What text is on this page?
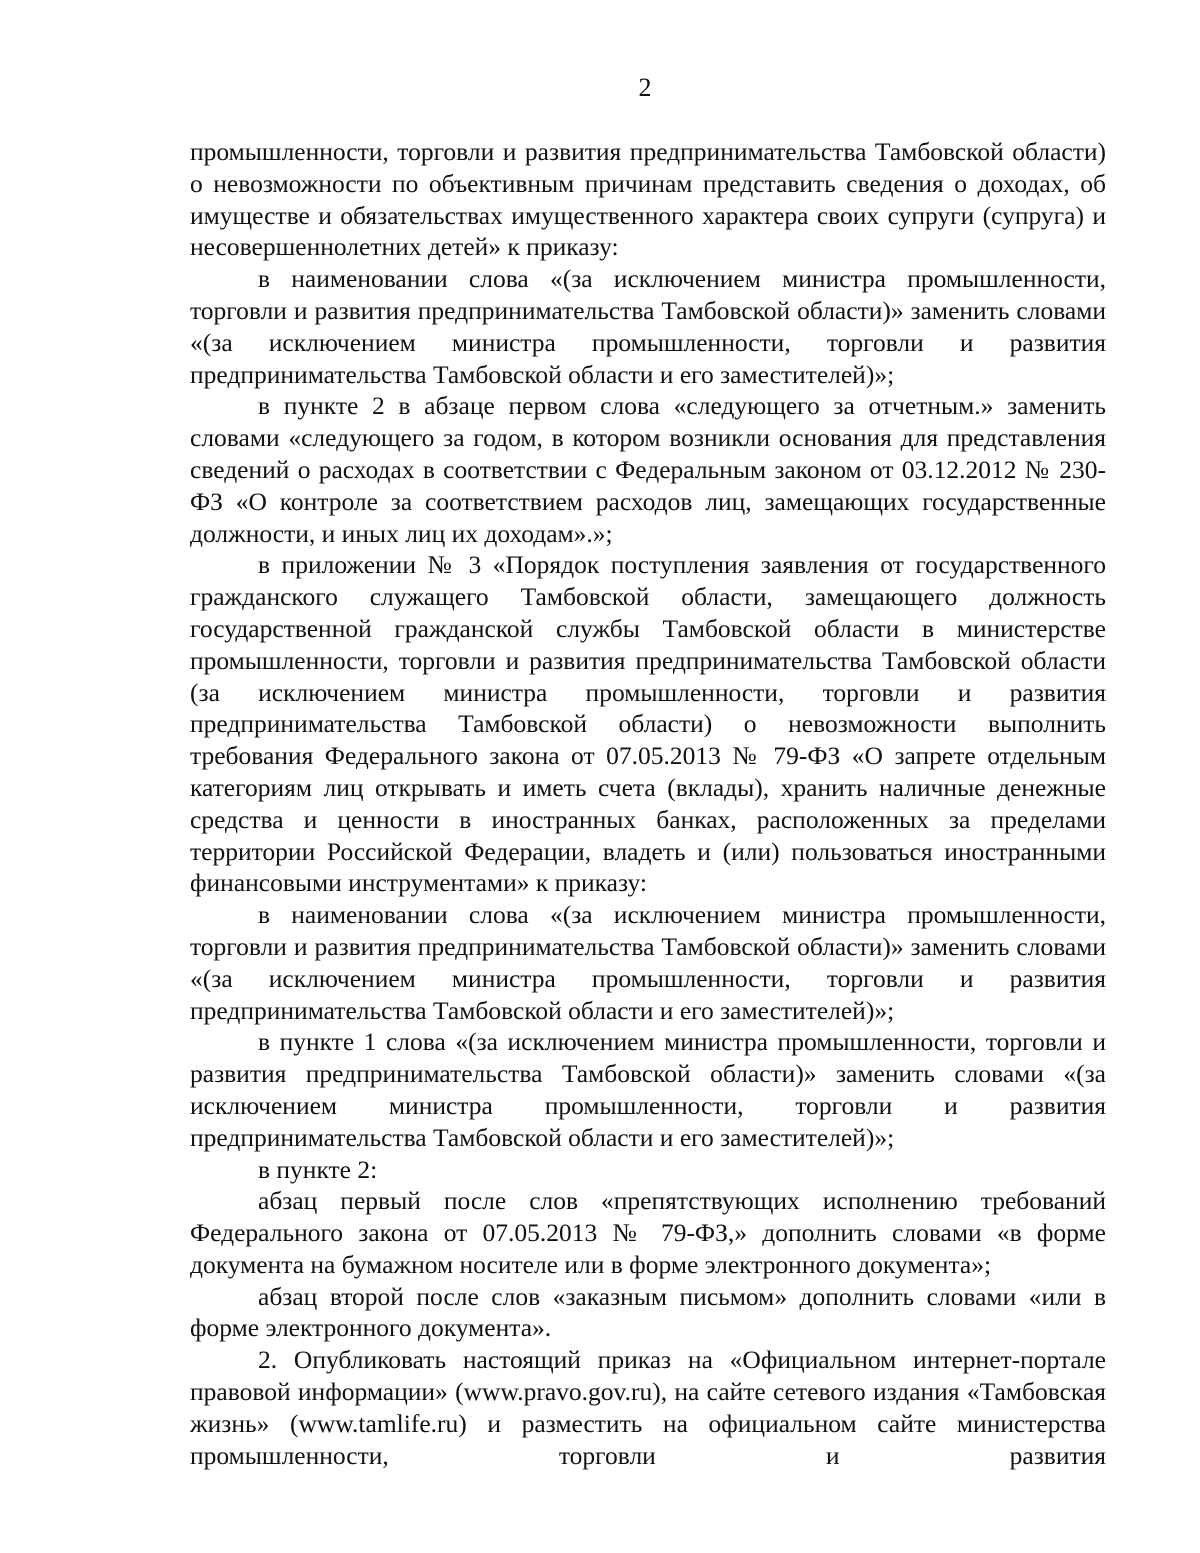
2

промышленности, торговли и развития предпринимательства Тамбовской области) о невозможности по объективным причинам представить сведения о доходах, об имуществе и обязательствах имущественного характера своих супруги (супруга) и несовершеннолетних детей» к приказу:

в наименовании слова «(за исключением министра промышленности, торговли и развития предпринимательства Тамбовской области)» заменить словами «(за исключением министра промышленности, торговли и развития предпринимательства Тамбовской области и его заместителей)»;

в пункте 2 в абзаце первом слова «следующего за отчетным.» заменить словами «следующего за годом, в котором возникли основания для представления сведений о расходах в соответствии с Федеральным законом от 03.12.2012 № 230-ФЗ «О контроле за соответствием расходов лиц, замещающих государственные должности, и иных лиц их доходам».»;

в приложении № 3 «Порядок поступления заявления от государственного гражданского служащего Тамбовской области, замещающего должность государственной гражданской службы Тамбовской области в министерстве промышленности, торговли и развития предпринимательства Тамбовской области (за исключением министра промышленности, торговли и развития предпринимательства Тамбовской области) о невозможности выполнить требования Федерального закона от 07.05.2013 № 79-ФЗ «О запрете отдельным категориям лиц открывать и иметь счета (вклады), хранить наличные денежные средства и ценности в иностранных банках, расположенных за пределами территории Российской Федерации, владеть и (или) пользоваться иностранными финансовыми инструментами» к приказу:

в наименовании слова «(за исключением министра промышленности, торговли и развития предпринимательства Тамбовской области)» заменить словами «(за исключением министра промышленности, торговли и развития предпринимательства Тамбовской области и его заместителей)»;

в пункте 1 слова «(за исключением министра промышленности, торговли и развития предпринимательства Тамбовской области)» заменить словами «(за исключением министра промышленности, торговли и развития предпринимательства Тамбовской области и его заместителей)»;

в пункте 2:

абзац первый после слов «препятствующих исполнению требований Федерального закона от 07.05.2013 № 79-ФЗ,» дополнить словами «в форме документа на бумажном носителе или в форме электронного документа»;

абзац второй после слов «заказным письмом» дополнить словами «или в форме электронного документа».

2. Опубликовать настоящий приказ на «Официальном интернет-портале правовой информации» (www.pravo.gov.ru), на сайте сетевого издания «Тамбовская жизнь» (www.tamlife.ru) и разместить на официальном сайте министерства промышленности, торговли и развития
